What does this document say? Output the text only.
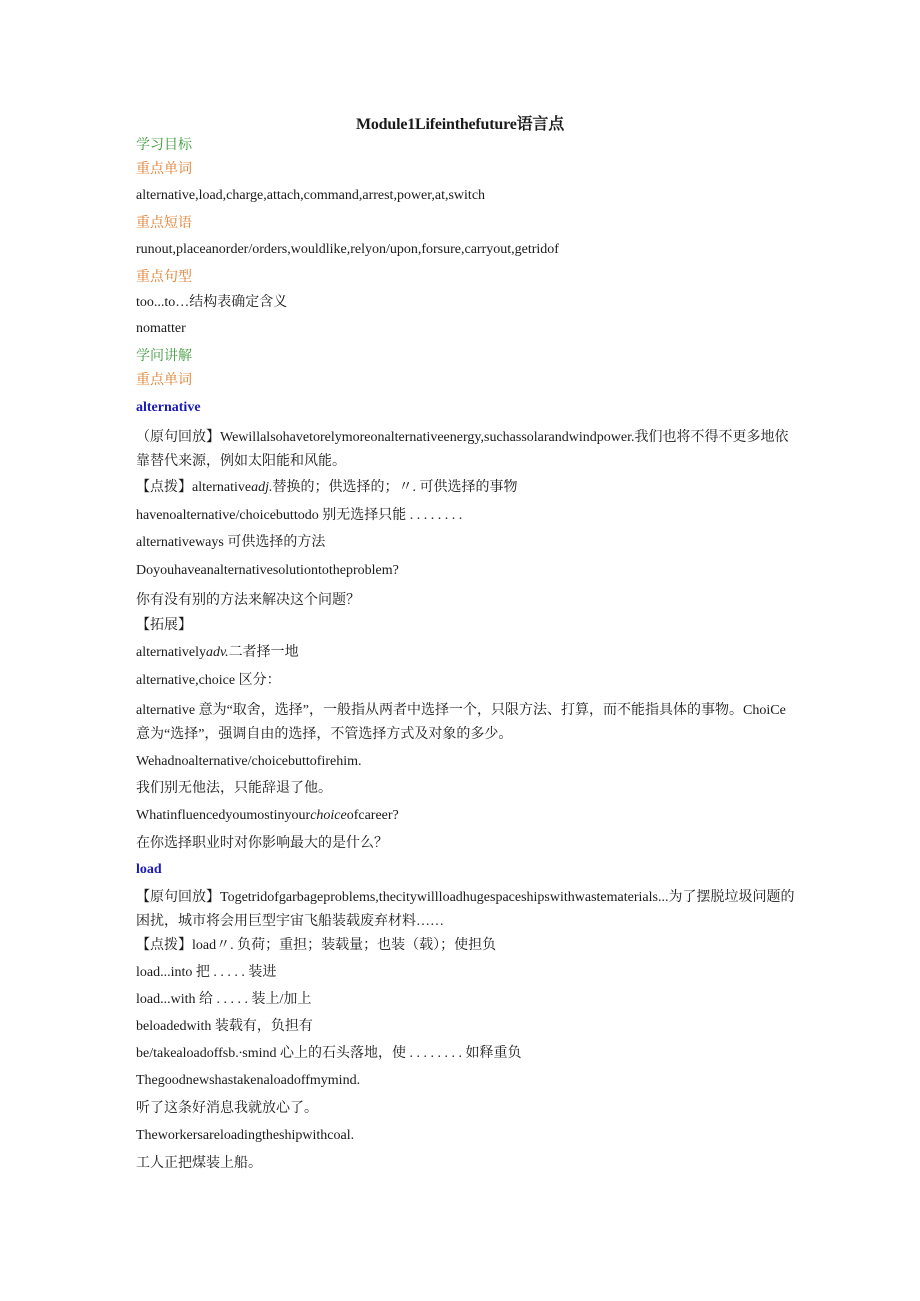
Module1Lifeinthefuture语言点
学习目标
重点单词
alternative,load,charge,attach,command,arrest,power,at,switch
重点短语
runout,placeanorder/orders,wouldlike,relyon/upon,forsure,carryout,getridof
重点句型
too...to…结构表确定含义
nomatter
学问讲解
重点单词
alternative
（原句回放】Wewillalsohavetorelymoreonalternativeenergy,suchassolarandwindpower.我们也将不得不更多地依靠替代来源，例如太阳能和风能。
【点拨】alternativeadj.替换的；供选择的；〃. 可供选择的事物
havenoalternative/choicebuttodo 别无选择只能 . . . . . . . .
alternativeways 可供选择的方法
Doyouhaveanalternativesolutiontotheproblem?
你有没有别的方法来解决这个问题？
【拓展】
alternativelyadv.二者择一地
alternative,choice 区分：
alternative 意为“取舍，选择”，一般指从两者中选择一个，只限方法、打算，而不能指具体的事物。ChoiCe 意为“选择”，强调自由的选择，不管选择方式及对象的多少。
Wehadnoalternative/choicebuttofirehim.
我们别无他法，只能辞退了他。
Whatinfluencedyoumostinyourchoiceofcareer?
在你选择职业时对你影响最大的是什么？
load
【原句回放】Togetridofgarbageproblems,thecitywillloadhugespaceshipswithwastematerials...为了摆脱垃圾问题的困扰，城市将会用巨型宇宙飞船装载废弃材料……
【点拨】load〃. 负荷；重担；装载量；也装（载）；使担负
load...into 把 . . . . . 装进
load...with 给 . . . . . 装上/加上
beloadedwith 装载有，负担有
be/takealoadoffsb.∙smind 心上的石头落地，使 . . . . . . . . 如释重负
Thegoodnewshastakenaloadoffmymind.
听了这条好消息我就放心了。
Theworkersareloadingtheshipwithcoal.
工人正把煤装上船。
